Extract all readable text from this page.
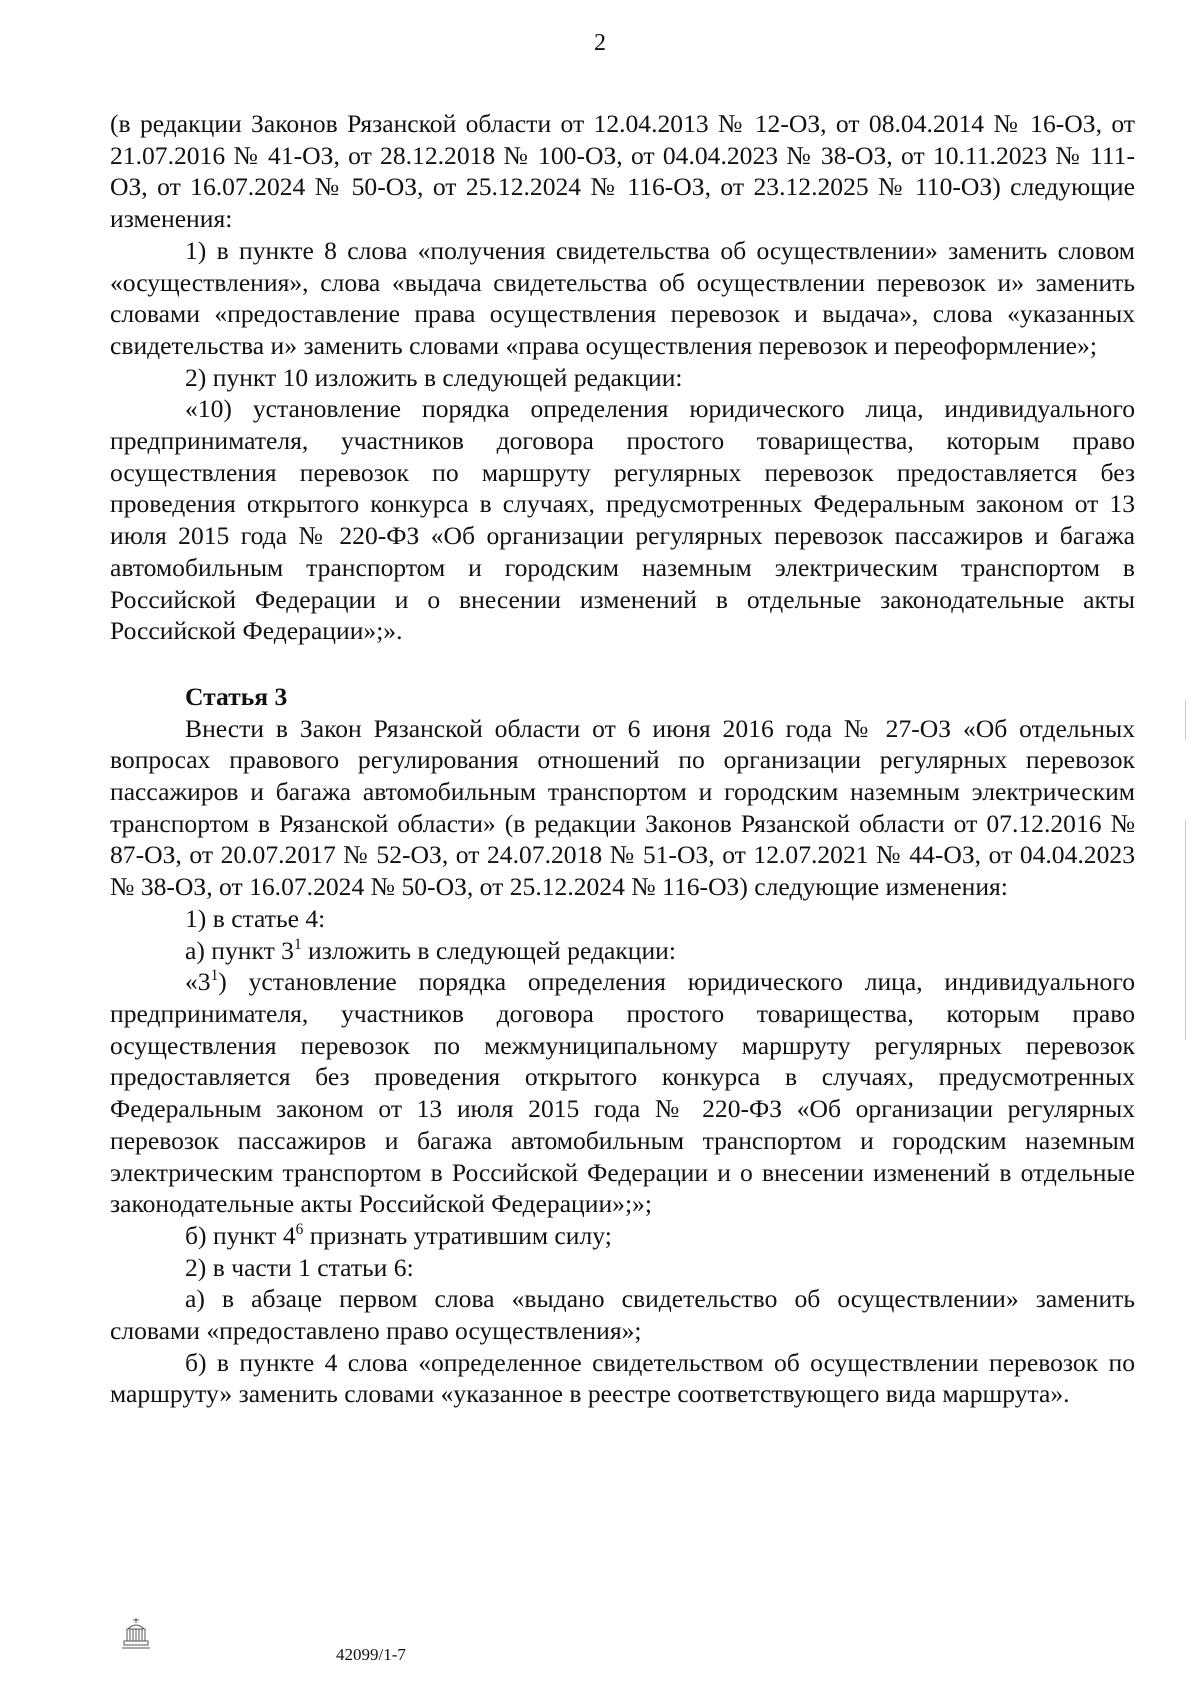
2

(в редакции Законов Рязанской области от 12.04.2013 № 12-ОЗ, от 08.04.2014 № 16-ОЗ, от 21.07.2016 № 41-ОЗ, от 28.12.2018 № 100-ОЗ, от 04.04.2023 № 38-ОЗ, от 10.11.2023 № 111-ОЗ, от 16.07.2024 № 50-ОЗ, от 25.12.2024 № 116-ОЗ, от 23.12.2025 № 110-ОЗ) следующие изменения:

1) в пункте 8 слова «получения свидетельства об осуществлении» заменить словом «осуществления», слова «выдача свидетельства об осуществлении перевозок и» заменить словами «предоставление права осуществления перевозок и выдача», слова «указанных свидетельства и» заменить словами «права осуществления перевозок и переоформление»;

2) пункт 10 изложить в следующей редакции:

«10) установление порядка определения юридического лица, индивидуального предпринимателя, участников договора простого товарищества, которым право осуществления перевозок по маршруту регулярных перевозок предоставляется без проведения открытого конкурса в случаях, предусмотренных Федеральным законом от 13 июля 2015 года № 220-ФЗ «Об организации регулярных перевозок пассажиров и багажа автомобильным транспортом и городским наземным электрическим транспортом в Российской Федерации и о внесении изменений в отдельные законодательные акты Российской Федерации»;».

Статья 3

Внести в Закон Рязанской области от 6 июня 2016 года № 27-ОЗ «Об отдельных вопросах правового регулирования отношений по организации регулярных перевозок пассажиров и багажа автомобильным транспортом и городским наземным электрическим транспортом в Рязанской области» (в редакции Законов Рязанской области от 07.12.2016 № 87-ОЗ, от 20.07.2017 № 52-ОЗ, от 24.07.2018 № 51-ОЗ, от 12.07.2021 № 44-ОЗ, от 04.04.2023 № 38-ОЗ, от 16.07.2024 № 50-ОЗ, от 25.12.2024 № 116-ОЗ) следующие изменения:

1) в статье 4:

а) пункт $3^1$ изложить в следующей редакции:

«$3^1$) установление порядка определения юридического лица, индивидуального предпринимателя, участников договора простого товарищества, которым право осуществления перевозок по межмуниципальному маршруту регулярных перевозок предоставляется без проведения открытого конкурса в случаях, предусмотренных Федеральным законом от 13 июля 2015 года № 220-ФЗ «Об организации регулярных перевозок пассажиров и багажа автомобильным транспортом и городским наземным электрическим транспортом в Российской Федерации и о внесении изменений в отдельные законодательные акты Российской Федерации»;»;

б) пункт $4^6$ признать утратившим силу;

2) в части 1 статьи 6:

а) в абзаце первом слова «выдано свидетельство об осуществлении» заменить словами «предоставлено право осуществления»;

б) в пункте 4 слова «определенное свидетельством об осуществлении перевозок по маршруту» заменить словами «указанное в реестре соответствующего вида маршрута».

42099/1-7
